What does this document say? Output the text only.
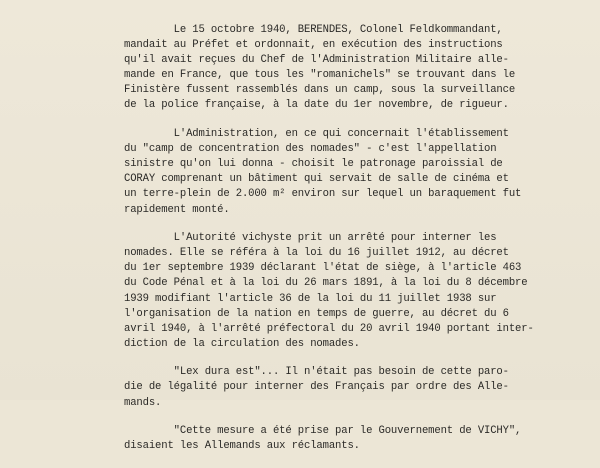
Le 15 octobre 1940, BERENDES, Colonel Feldkommandant,
mandait au Préfet et ordonnait, en exécution des instructions
qu'il avait reçues du Chef de l'Administration Militaire alle-
mande en France, que tous les "romanichels" se trouvant dans le
Finistère fussent rassemblés dans un camp, sous la surveillance
de la police française, à la date du 1er novembre, de rigueur.
L'Administration, en ce qui concernait l'établissement
du "camp de concentration des nomades" - c'est l'appellation
sinistre qu'on lui donna - choisit le patronage paroissial de
CORAY comprenant un bâtiment qui servait de salle de cinéma et
un terre-plein de 2.000 m² environ sur lequel un baraquement fut
rapidement monté.
L'Autorité vichyste prit un arrêté pour interner les
nomades. Elle se référa à la loi du 16 juillet 1912, au décret
du 1er septembre 1939 déclarant l'état de siège, à l'article 463
du Code Pénal et à la loi du 26 mars 1891, à la loi du 8 décembre
1939 modifiant l'article 36 de la loi du 11 juillet 1938 sur
l'organisation de la nation en temps de guerre, au décret du 6
avril 1940, à l'arrêté préfectoral du 20 avril 1940 portant inter-
diction de la circulation des nomades.
"Lex dura est"... Il n'était pas besoin de cette paro-
die de légalité pour interner des Français par ordre des Alle-
mands.
"Cette mesure a été prise par le Gouvernement de VICHY",
disaient les Allemands aux réclamants.
